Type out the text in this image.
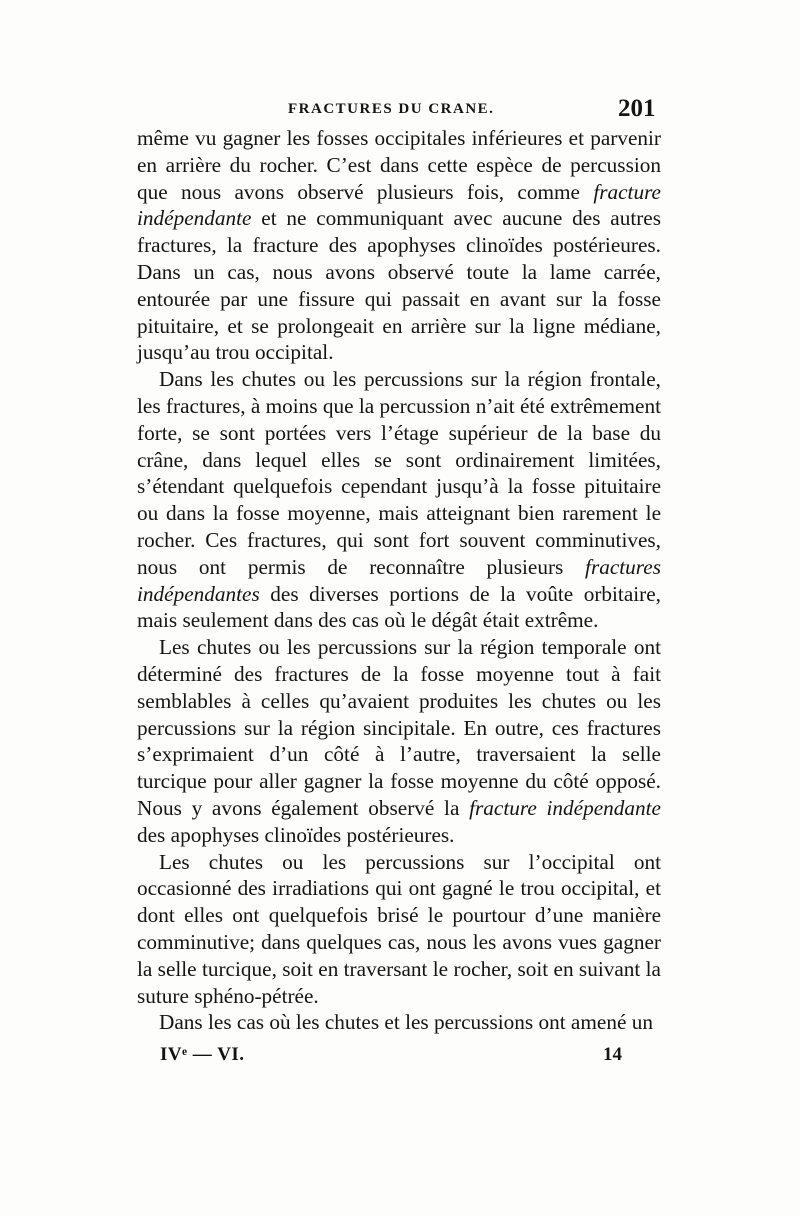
FRACTURES DU CRANE.	201

même vu gagner les fosses occipitales inférieures et parvenir en arrière du rocher. C’est dans cette espèce de percussion que nous avons observé plusieurs fois, comme fracture indépendante et ne communiquant avec aucune des autres fractures, la fracture des apophyses clinoïdes postérieures. Dans un cas, nous avons observé toute la lame carrée, entourée par une fissure qui passait en avant sur la fosse pituitaire, et se prolongeait en arrière sur la ligne médiane, jusqu’au trou occipital.

Dans les chutes ou les percussions sur la région frontale, les fractures, à moins que la percussion n’ait été extrêmement forte, se sont portées vers l’étage supérieur de la base du crâne, dans lequel elles se sont ordinairement limitées, s’étendant quelquefois cependant jusqu’à la fosse pituitaire ou dans la fosse moyenne, mais atteignant bien rarement le rocher. Ces fractures, qui sont fort souvent comminutives, nous ont permis de reconnaître plusieurs fractures indépendantes des diverses portions de la voûte orbitaire, mais seulement dans des cas où le dégât était extrême.

Les chutes ou les percussions sur la région temporale ont déterminé des fractures de la fosse moyenne tout à fait semblables à celles qu’avaient produites les chutes ou les percussions sur la région sincipitale. En outre, ces fractures s’exprimaient d’un côté à l’autre, traversaient la selle turcique pour aller gagner la fosse moyenne du côté opposé. Nous y avons également observé la fracture indépendante des apophyses clinoïdes postérieures.

Les chutes ou les percussions sur l’occipital ont occasionné des irradiations qui ont gagné le trou occipital, et dont elles ont quelquefois brisé le pourtour d’une manière comminutive; dans quelques cas, nous les avons vues gagner la selle turcique, soit en traversant le rocher, soit en suivant la suture sphéno-pétrée.

Dans les cas où les chutes et les percussions ont amené un

IVᵉ — VI.	14
